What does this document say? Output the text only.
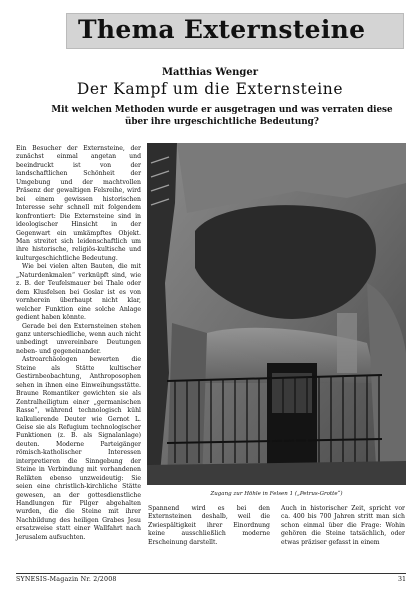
Thema Externsteine
Matthias Wenger
Der Kampf um die Externsteine
Mit welchen Methoden wurde er ausgetragen und was verraten diese über ihre urgeschichtliche Bedeutung?

Ein Besucher der Externsteine, der zunächst einmal angetan und beeindruckt ist von der landschaftlichen Schönheit der Umgebung und der machtvollen Präsenz der gewaltigen Felsreihe, wird bei einem gewissen historischen Interesse sehr schnell mit folgendem konfrontiert: Die Externsteine sind in ideologischer Hinsicht in der Gegenwart ein umkämpftes Objekt. Man streitet sich leidenschaftlich um ihre historische, religiös-kultische und kulturgeschichtliche Bedeutung.

Wie bei vielen alten Bauten, die mit „Naturdenkmalen“ verknüpft sind, wie z. B. der Teufelsmauer bei Thale oder dem Klusfelsen bei Goslar ist es von vornherein überhaupt nicht klar, welcher Funktion eine solche Anlage gedient haben könnte.

Gerade bei den Externsteinen stehen ganz unterschiedliche, wenn auch nicht unbedingt unvereinbare Deutungen neben- und gegeneinander.

Astroarchäologen bewerten die Steine als Stätte kultischer Gestirnbeobachtung, Anthroposophen sehen in ihnen eine Einweihungsstätte. Braune Romantiker gewichten sie als Zentralheiligtum einer „germanischen Rasse“, während technologisch kühl kalkulierende Deuter wie Gernot L. Geise sie als Refugium technologischer Funktionen (z. B. als Signalanlage) deuten. Moderne Parteigänger römisch-katholischer Interessen interpretieren die Sinngebung der Steine in Verbindung mit vorhandenen Relikten ebenso unzweideutig: Sie seien eine christlich-kirchliche Stätte gewesen, an der gottesdienstliche Handlungen für Pilger abgehalten wurden, die die Steine mit ihrer Nachbildung des heiligen Grabes Jesu ersatzweise statt einer Wallfahrt nach Jerusalem aufsuchten.

Zugang zur Höhle in Felsen 1 („Petrus-Grotte“)

Spannend wird es bei den Externsteinen deshalb, weil die Zwiespältigkeit ihrer Einordnung keine ausschließlich moderne Erscheinung darstellt.

Auch in historischer Zeit, spricht vor ca. 400 bis 700 Jahren stritt man sich schon einmal über die Frage: Wohin gehören die Steine tatsächlich, oder etwas präziser gefasst in einem

SYNESIS-Magazin Nr. 2/2008	31
